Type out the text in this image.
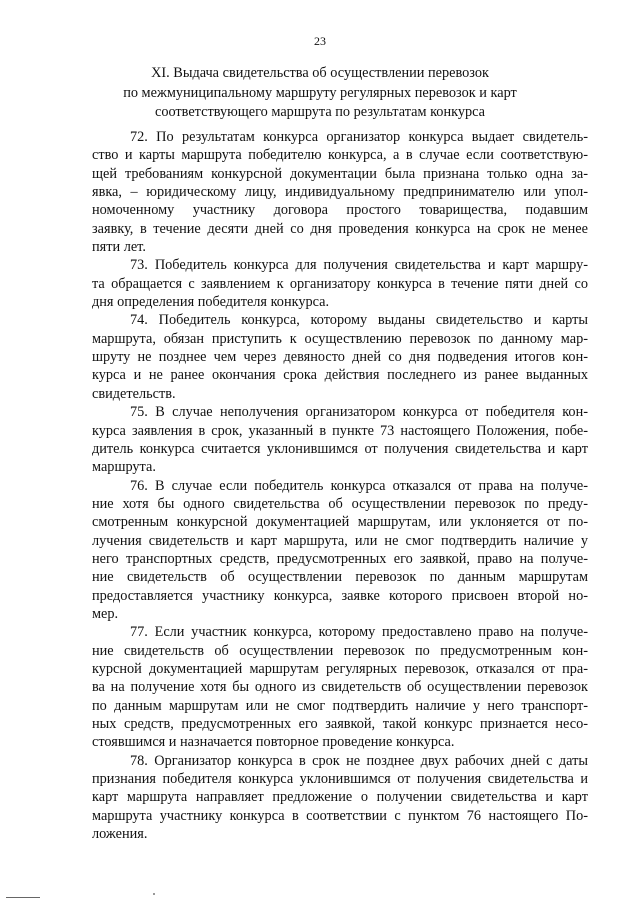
23
XI. Выдача свидетельства об осуществлении перевозок
по межмуниципальному маршруту регулярных перевозок и карт
соответствующего маршрута по результатам конкурса
72. По результатам конкурса организатор конкурса выдает свидетель-
ство и карты маршрута победителю конкурса, а в случае если соответствую-
щей требованиям конкурсной документации была признана только одна за-
явка, – юридическому лицу, индивидуальному предпринимателю или упол-
номоченному участнику договора простого товарищества, подавшим
заявку, в течение десяти дней со дня проведения конкурса на срок не менее
пяти лет.
73. Победитель конкурса для получения свидетельства и карт маршру-
та обращается с заявлением к организатору конкурса в течение пяти дней со
дня определения победителя конкурса.
74. Победитель конкурса, которому выданы свидетельство и карты
маршрута, обязан приступить к осуществлению перевозок по данному мар-
шруту не позднее чем через девяносто дней со дня подведения итогов кон-
курса и не ранее окончания срока действия последнего из ранее выданных
свидетельств.
75. В случае неполучения организатором конкурса от победителя кон-
курса заявления в срок, указанный в пункте 73 настоящего Положения, побе-
дитель конкурса считается уклонившимся от получения свидетельства и карт
маршрута.
76. В случае если победитель конкурса отказался от права на получе-
ние хотя бы одного свидетельства об осуществлении перевозок по преду-
смотренным конкурсной документацией маршрутам, или уклоняется от по-
лучения свидетельств и карт маршрута, или не смог подтвердить наличие у
него транспортных средств, предусмотренных его заявкой, право на получе-
ние свидетельств об осуществлении перевозок по данным маршрутам
предоставляется участнику конкурса, заявке которого присвоен второй но-
мер.
77. Если участник конкурса, которому предоставлено право на получе-
ние свидетельств об осуществлении перевозок по предусмотренным кон-
курсной документацией маршрутам регулярных перевозок, отказался от пра-
ва на получение хотя бы одного из свидетельств об осуществлении перевозок
по данным маршрутам или не смог подтвердить наличие у него транспорт-
ных средств, предусмотренных его заявкой, такой конкурс признается несо-
стоявшимся и назначается повторное проведение конкурса.
78. Организатор конкурса в срок не позднее двух рабочих дней с даты
признания победителя конкурса уклонившимся от получения свидетельства и
карт маршрута направляет предложение о получении свидетельства и карт
маршрута участнику конкурса в соответствии с пунктом 76 настоящего По-
ложения.
